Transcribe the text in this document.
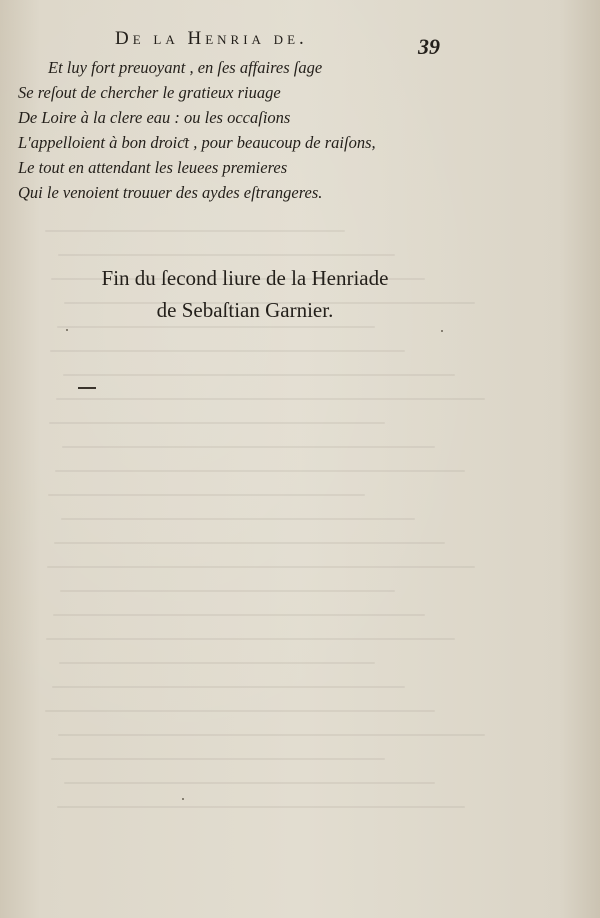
De la Henria de.	39
Et luy fort preuoyant , en ſes affaires ſage
Se reſout de chercher le gratieux riuage
De Loire à la clere eau : ou les occaſions
L'appelloient à bon droiƈt , pour beaucoup de raiſons,
Le tout en attendant les leuees premieres
Qui le venoient trouuer des aydes eſtrangeres.
Fin du ſecond liure de la Henriade
de Sebaſtian Garnier.
